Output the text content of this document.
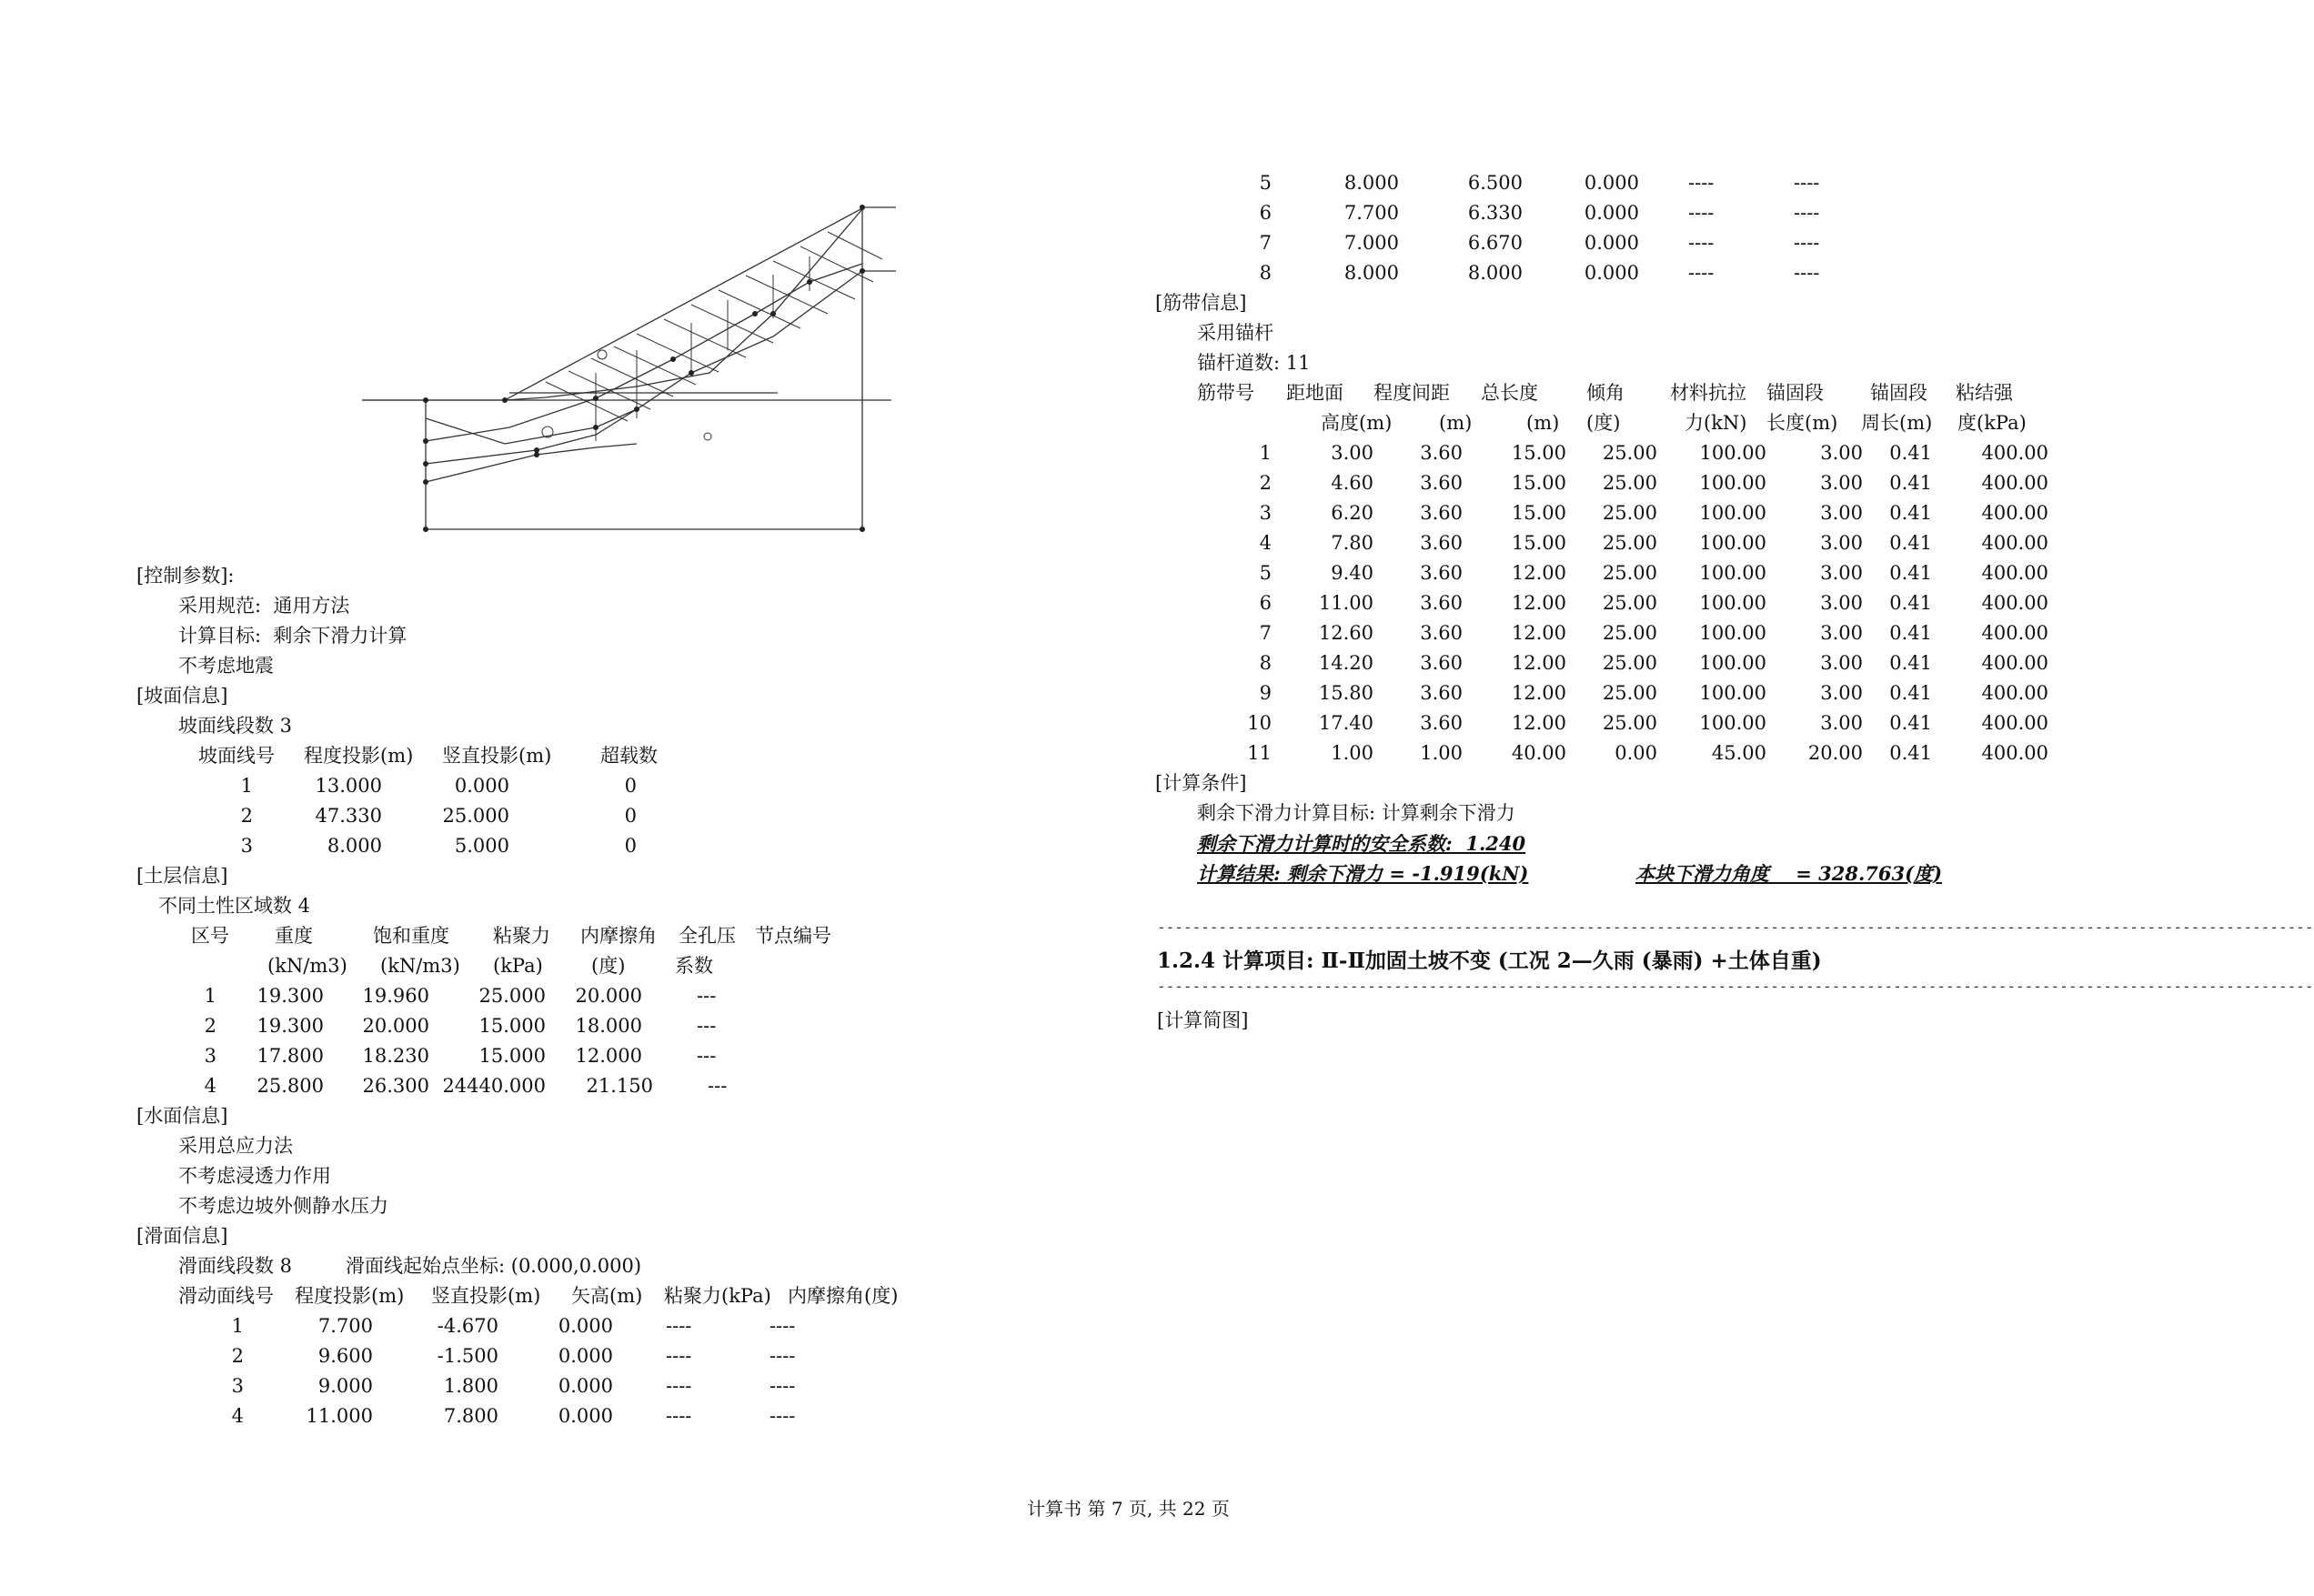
[控制参数]:
采用规范:  通用方法
计算目标:  剩余下滑力计算
不考虑地震
[坡面信息]
坡面线段数 3
坡面线号 程度投影(m) 竖直投影(m)	超载数
1	13.000	0.000	0
2	47.330	25.000	0
3	8.000	5.000	0
[土层信息]
不同土性区域数 4
区号 重度	饱和重度 粘聚力 内摩擦角 全孔压 节点编号
(kN/m3) (kN/m3) (kPa)	(度)	系数
1	19.300	19.960	25.000	20.000	---
2	19.300	20.000	15.000	18.000	---
3	17.800	18.230	15.000	12.000	---
4	25.800	26.300 24440.000	21.150	---
[水面信息]
采用总应力法
不考虑浸透力作用
不考虑边坡外侧静水压力
[滑面信息]
滑面线段数 8	滑面线起始点坐标: (0.000,0.000)
滑动面线号 程度投影(m) 竖直投影(m) 矢高(m) 粘聚力(kPa) 内摩擦角(度)
1	7.700	-4.670	0.000	----	----
2	9.600	-1.500	0.000	----	----
3	9.000	1.800	0.000	----	----
4	11.000	7.800	0.000	----	----
5	8.000	6.500	0.000	----	----
6	7.700	6.330	0.000	----	----
7	7.000	6.670	0.000	----	----
8	8.000	8.000	0.000	----	----
[筋带信息]
采用锚杆
锚杆道数: 11
筋带号 距地面 程度间距 总长度	倾角 材料抗拉 锚固段 锚固段 粘结强
高度(m) (m)	(m) (度)	力(kN) 长度(m) 周长(m) 度(kPa)
1	3.00	3.60	15.00	25.00	100.00	3.00	0.41	400.00
2	4.60	3.60	15.00	25.00	100.00	3.00	0.41	400.00
3	6.20	3.60	15.00	25.00	100.00	3.00	0.41	400.00
4	7.80	3.60	15.00	25.00	100.00	3.00	0.41	400.00
5	9.40	3.60	12.00	25.00	100.00	3.00	0.41	400.00
6	11.00	3.60	12.00	25.00	100.00	3.00	0.41	400.00
7	12.60	3.60	12.00	25.00	100.00	3.00	0.41	400.00
8	14.20	3.60	12.00	25.00	100.00	3.00	0.41	400.00
9	15.80	3.60	12.00	25.00	100.00	3.00	0.41	400.00
10	17.40	3.60	12.00	25.00	100.00	3.00	0.41	400.00
11	1.00	1.00	40.00	0.00	45.00	20.00	0.41	400.00
[计算条件]
剩余下滑力计算目标: 计算剩余下滑力
剩余下滑力计算时的安全系数:  1.240
计算结果: 剩余下滑力 = -1.919(kN)	本块下滑力角度    = 328.763(度)
------------------------------------------------------------------------------------------------------------------------------------
1.2.4 计算项目: Ⅱ-Ⅱ加固土坡不变 (工况 2—久雨 (暴雨) +土体自重)
------------------------------------------------------------------------------------------------------------------------------------
[计算简图]
计算书 第 7 页, 共 22 页
